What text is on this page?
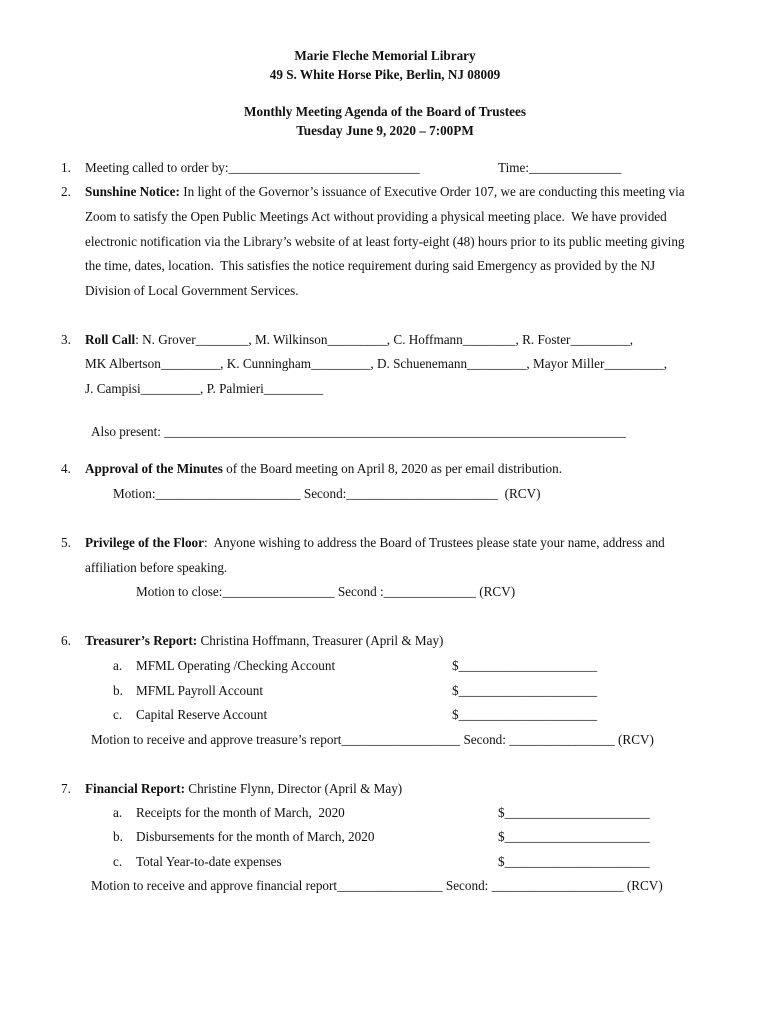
Marie Fleche Memorial Library
49 S. White Horse Pike, Berlin, NJ 08009
Monthly Meeting Agenda of the Board of Trustees
Tuesday June 9, 2020 – 7:00PM
1. Meeting called to order by:_____________________________	Time:______________
2. Sunshine Notice: In light of the Governor’s issuance of Executive Order 107, we are conducting this meeting via
Zoom to satisfy the Open Public Meetings Act without providing a physical meeting place.  We have provided
electronic notification via the Library’s website of at least forty-eight (48) hours prior to its public meeting giving
the time, dates, location.  This satisfies the notice requirement during said Emergency as provided by the NJ
Division of Local Government Services.
3. Roll Call: N. Grover________, M. Wilkinson_________, C. Hoffmann________, R. Foster_________,
MK Albertson_________, K. Cunningham_________, D. Schuenemann_________, Mayor Miller_________,
J. Campisi_________, P. Palmieri_________
Also present: ______________________________________________________________________
4. Approval of the Minutes of the Board meeting on April 8, 2020 as per email distribution.
Motion:______________________ Second:_______________________  (RCV)
5. Privilege of the Floor:  Anyone wishing to address the Board of Trustees please state your name, address and
affiliation before speaking.
Motion to close:_________________ Second :______________ (RCV)
6. Treasurer’s Report: Christina Hoffmann, Treasurer (April & May)
a. MFML Operating /Checking Account	$_____________________
b. MFML Payroll Account	$_____________________
c. Capital Reserve Account	$_____________________
Motion to receive and approve treasure’s report__________________ Second: ________________ (RCV)
7. Financial Report: Christine Flynn, Director (April & May)
a. Receipts for the month of March,  2020	$______________________
b. Disbursements for the month of March, 2020	$______________________
c. Total Year-to-date expenses	$______________________
Motion to receive and approve financial report________________ Second: ____________________ (RCV)
